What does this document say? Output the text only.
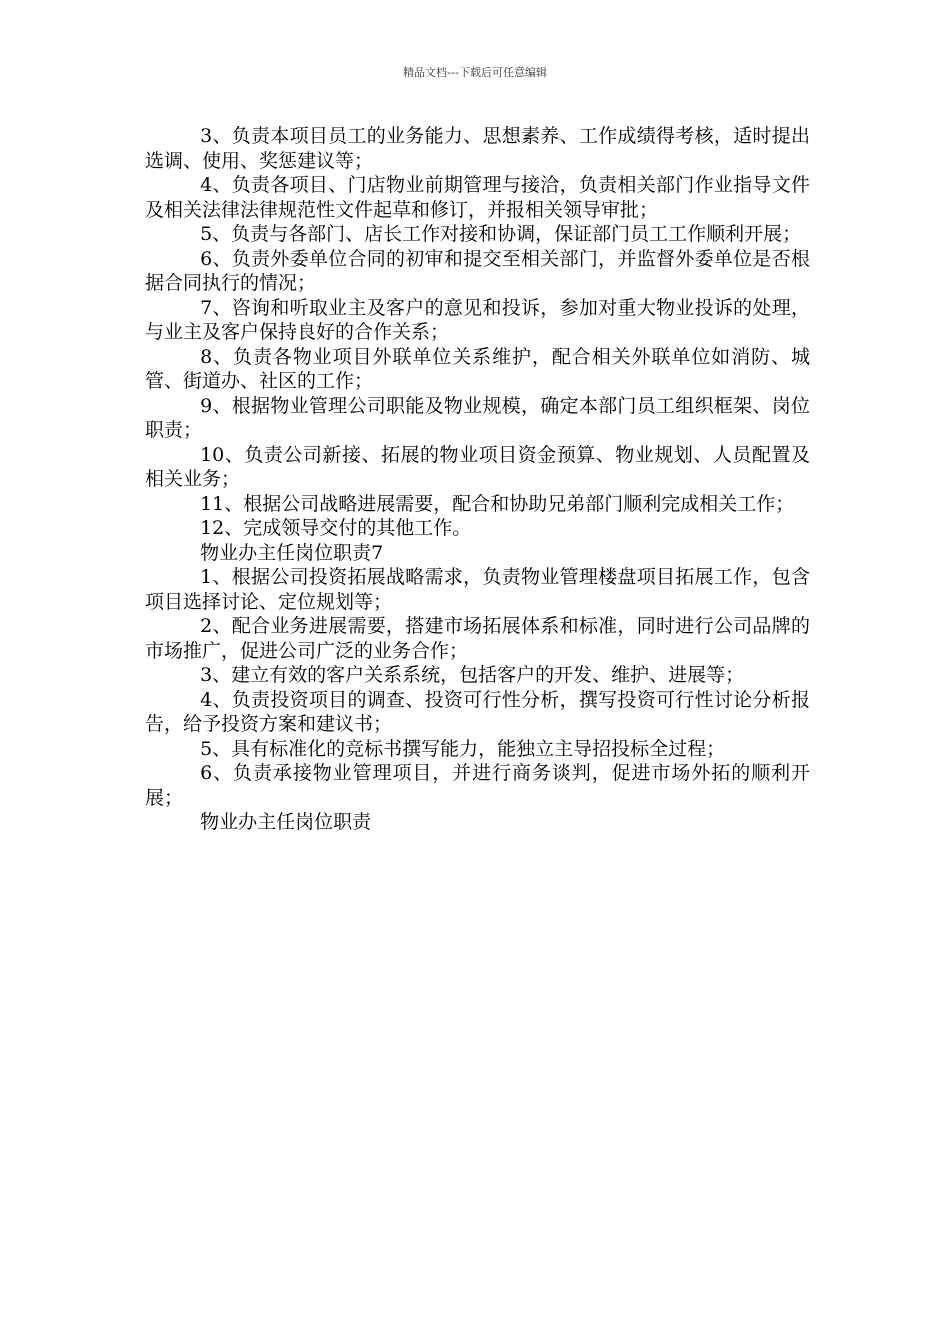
精品文档---下载后可任意编辑

3、负责本项目员工的业务能力、思想素养、工作成绩得考核，适时提出选调、使用、奖惩建议等；

4、负责各项目、门店物业前期管理与接洽，负责相关部门作业指导文件及相关法律法律规范性文件起草和修订，并报相关领导审批；

5、负责与各部门、店长工作对接和协调，保证部门员工工作顺利开展；

6、负责外委单位合同的初审和提交至相关部门，并监督外委单位是否根据合同执行的情况；

7、咨询和听取业主及客户的意见和投诉，参加对重大物业投诉的处理，与业主及客户保持良好的合作关系；

8、负责各物业项目外联单位关系维护，配合相关外联单位如消防、城管、街道办、社区的工作；

9、根据物业管理公司职能及物业规模，确定本部门员工组织框架、岗位职责；

10、负责公司新接、拓展的物业项目资金预算、物业规划、人员配置及相关业务；

11、根据公司战略进展需要，配合和协助兄弟部门顺利完成相关工作；

12、完成领导交付的其他工作。

物业办主任岗位职责7

1、根据公司投资拓展战略需求，负责物业管理楼盘项目拓展工作，包含项目选择讨论、定位规划等；

2、配合业务进展需要，搭建市场拓展体系和标准，同时进行公司品牌的市场推广，促进公司广泛的业务合作；

3、建立有效的客户关系系统，包括客户的开发、维护、进展等；

4、负责投资项目的调查、投资可行性分析，撰写投资可行性讨论分析报告，给予投资方案和建议书；

5、具有标准化的竞标书撰写能力，能独立主导招投标全过程；

6、负责承接物业管理项目，并进行商务谈判，促进市场外拓的顺利开展；

物业办主任岗位职责
